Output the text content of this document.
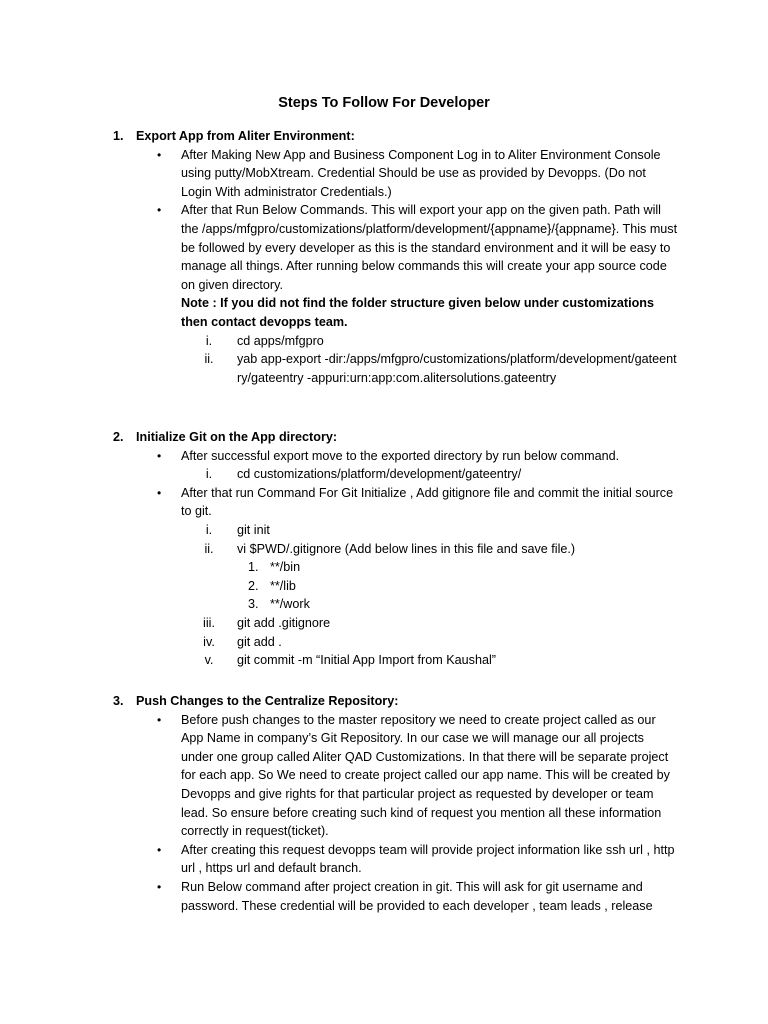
Steps To Follow For Developer
1. Export App from Aliter Environment:
• After Making New App and Business Component Log in to Aliter Environment Console using putty/MobXtream. Credential Should be use as provided by Devopps. (Do not Login With administrator Credentials.)
• After that Run Below Commands. This will export your app on the given path. Path will the /apps/mfgpro/customizations/platform/development/{appname}/{appname}. This must be followed by every developer as this is the standard environment and it will be easy to manage all things. After running below commands this will create your app source code on given directory.
Note : If you did not find the folder structure given below under customizations then contact devopps team.
i.	cd apps/mfgpro
ii.	yab app-export -dir:/apps/mfgpro/customizations/platform/development/gateentry/gateentry -appuri:urn:app:com.alitersolutions.gateentry
2. Initialize Git on the App directory:
• After successful export move to the exported directory by run below command.
i.	cd customizations/platform/development/gateentry/
• After that run Command For Git Initialize , Add gitignore file and commit the initial source to git.
i.	git init
ii.	vi $PWD/.gitignore (Add below lines in this file and save file.)
1. **/bin
2. **/lib
3. **/work
iii. git add .gitignore
iv. git add .
v.	git commit -m “Initial App Import from Kaushal”
3. Push Changes to the Centralize Repository:
• Before push changes to the master repository we need to create project called as our App Name in company’s Git Repository. In our case we will manage our all projects under one group called Aliter QAD Customizations. In that there will be separate project for each app. So We need to create project called our app name. This will be created by Devopps and give rights for that particular project as requested by developer or team lead. So ensure before creating such kind of request you mention all these information correctly in request(ticket).
• After creating this request devopps team will provide project information like ssh url , http url , https url and default branch.
• Run Below command after project creation in git. This will ask for git username and password. These credential will be provided to each developer , team leads , release
